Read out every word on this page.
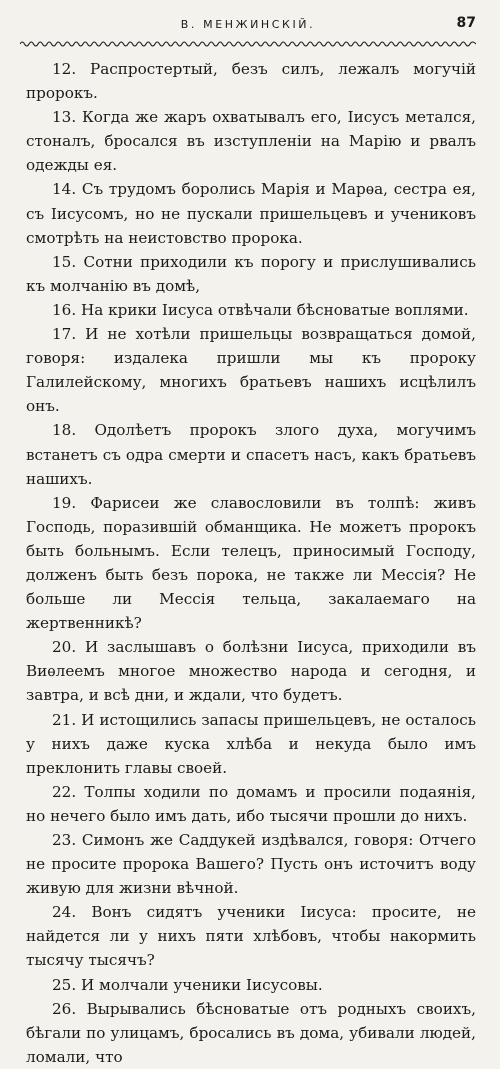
В. МЕНЖИНСКІЙ.	87

12. Распростертый, безъ силъ, лежалъ могучій пророкъ.

13. Когда же жаръ охватывалъ его, Іисусъ метался, стоналъ, бросался въ изступленіи на Марію и рвалъ одежды ея.

14. Съ трудомъ боролись Марія и Марѳа, сестра ея, съ Іисусомъ, но не пускали пришельцевъ и учениковъ смотрѣть на неистовство пророка.

15. Сотни приходили къ порогу и прислушивались къ молчанію въ домѣ,

16. На крики Іисуса отвѣчали бѣсноватые воплями.

17. И не хотѣли пришельцы возвращаться домой, говоря: издалека пришли мы къ пророку Галилейскому, многихъ братьевъ нашихъ исцѣлилъ онъ.

18. Одолѣетъ пророкъ злого духа, могучимъ встанетъ съ одра смерти и спасетъ насъ, какъ братьевъ нашихъ.

19. Фарисеи же славословили въ толпѣ: живъ Господь, поразившій обманщика. Не можетъ пророкъ быть больнымъ. Если телецъ, приносимый Господу, долженъ быть безъ порока, не также ли Мессія? Не больше ли Мессія тельца, закалаемаго на жертвенникѣ?

20. И заслышавъ о болѣзни Іисуса, приходили въ Виѳлеемъ многое множество народа и сегодня, и завтра, и всѣ дни, и ждали, что будетъ.

21. И истощились запасы пришельцевъ, не осталось у нихъ даже куска хлѣба и некуда было имъ преклонить главы своей.

22. Толпы ходили по домамъ и просили подаянія, но нечего было имъ дать, ибо тысячи прошли до нихъ.

23. Симонъ же Саддукей издѣвался, говоря: Отчего не просите пророка Вашего? Пусть онъ источитъ воду живую для жизни вѣчной.

24. Вонъ сидятъ ученики Іисуса: просите, не найдется ли у нихъ пяти хлѣбовъ, чтобы накормить тысячу тысячъ?

25. И молчали ученики Іисусовы.

26. Вырывались бѣсноватые отъ родныхъ своихъ, бѣгали по улицамъ, бросались въ дома, убивали людей, ломали, что
